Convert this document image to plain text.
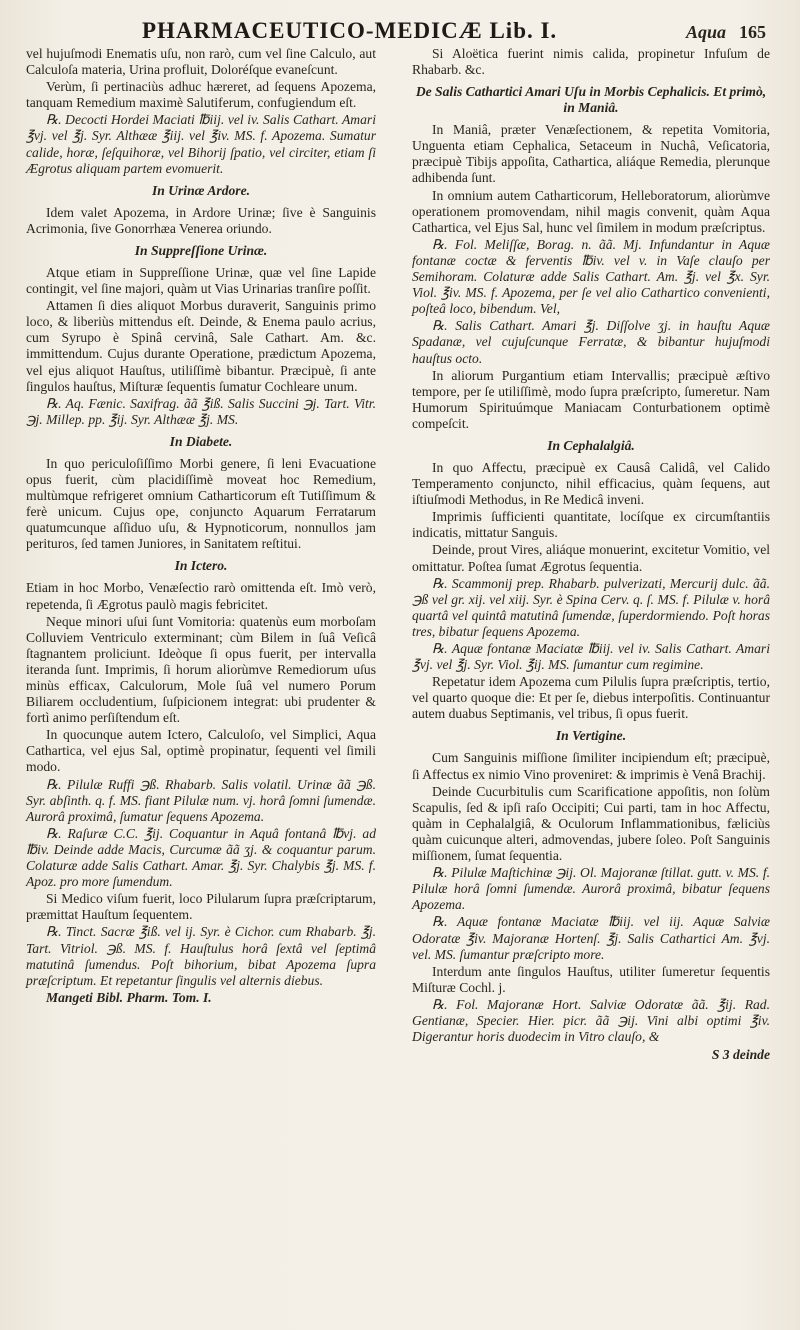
PHARMACEUTICO-MEDICÆ Lib. I.	Aqua 165

vel hujuſmodi Enematis uſu, non rarò, cum vel ſine Calculo, aut Calculoſa materia, Urina profluit, Doloréſque evaneſcunt.

Verùm, ſi pertinaciùs adhuc hæreret, ad ſequens Apozema, tanquam Remedium maximè Salutiferum, confugiendum eſt.

℞. Decocti Hordei Maciati ℔iij. vel iv. Salis Cathart. Amari ℥vj. vel ℥j. Syr. Althææ ℥iij. vel ℥iv. MS. f. Apozema. Sumatur calide, horæ, ſeſquihoræ, vel Bihorij ſpatio, vel circiter, etiam ſi Ægrotus aliquam partem evomuerit.

In Urinæ Ardore.

Idem valet Apozema, in Ardore Urinæ; ſive è Sanguinis Acrimonia, ſive Gonorrhæa Venerea oriundo.

In Suppreſſione Urinæ.

Atque etiam in Suppreſſione Urinæ, quæ vel ſine Lapide contingit, vel ſine majori, quàm ut Vias Urinarias tranſire poſſit.

Attamen ſi dies aliquot Morbus duraverit, Sanguinis primo loco, & liberiùs mittendus eſt. Deinde, & Enema paulo acrius, cum Syrupo è Spinâ cervinâ, Sale Cathart. Am. &c. immittendum. Cujus durante Operatione, prædictum Apozema, vel ejus aliquot Hauſtus, utiliſſimè bibantur. Præcipuè, ſi ante ſingulos hauſtus, Miſturæ ſequentis ſumatur Cochleare unum.

℞. Aq. Fænic. Saxifrag. ãã ℥iß. Salis Succini ℈j. Tart. Vitr. ℈j. Millep. pp. ℥ij. Syr. Althææ ℥j. MS.

In Diabete.

In quo periculoſiſſimo Morbi genere, ſi leni Evacuatione opus fuerit, cùm placidiſſimè moveat hoc Remedium, multùmque refrigeret omnium Catharticorum eſt Tutiſſimum & ferè unicum. Cujus ope, conjuncto Aquarum Ferratarum quatumcunque aſſiduo uſu, & Hypnoticorum, nonnullos jam perituros, ſed tamen Juniores, in Sanitatem reſtitui.

In Ictero.

Etiam in hoc Morbo, Venæſectio rarò omittenda eſt. Imò verò, repetenda, ſi Ægrotus paulò magis febricitet.

Neque minori uſui ſunt Vomitoria: quatenùs eum morboſam Colluviem Ventriculo exterminant; cùm Bilem in ſuâ Veſicâ ſtagnantem proliciunt. Ideòque ſi opus fuerit, per intervalla iteranda ſunt. Imprimis, ſi horum aliorùmve Remediorum uſus minùs efficax, Calculorum, Mole ſuâ vel numero Porum Biliarem occludentium, ſuſpicionem integrat: ubi prudenter & fortì animo perſiſtendum eſt.

In quocunque autem Ictero, Calculoſo, vel Simplici, Aqua Cathartica, vel ejus Sal, optimè propinatur, ſequenti vel ſimili modo.

℞. Pilulæ Ruffi ℈ß. Rhabarb. Salis volatil. Urinæ ãã ℈ß. Syr. abſinth. q. f. MS. fiant Pilulæ num. vj. horâ ſomni ſumendæ. Aurorâ proximâ, ſumatur ſequens Apozema.

℞. Raſuræ C.C. ℥ij. Coquantur in Aquâ fontanâ ℔vj. ad ℔iv. Deinde adde Macis, Curcumæ ãã ʒj. & coquantur parum. Colaturæ adde Salis Cathart. Amar. ℥j. Syr. Chalybis ℥j. MS. f. Apoz. pro more ſumendum.

Si Medico viſum fuerit, loco Pilularum ſupra præſcriptarum, præmittat Hauſtum ſequentem.

℞. Tinct. Sacræ ℥iß. vel ij. Syr. è Cichor. cum Rhabarb. ℥j. Tart. Vitriol. ℈ß. MS. f. Hauſtulus horâ ſextâ vel ſeptimâ matutinâ ſumendus. Poſt bihorium, bibat Apozema ſupra præſcriptum. Et repetantur ſingulis vel alternis diebus.

Mangeti Bibl. Pharm. Tom. I.

Si Aloëtica fuerint nimis calida, propinetur Infuſum de Rhabarb. &c.

De Salis Cathartici Amari Uſu in Morbis Cephalicis. Et primò, in Maniâ.

In Maniâ, præter Venæſectionem, & repetita Vomitoria, Unguenta etiam Cephalica, Setaceum in Nuchâ, Veſicatoria, præcipuè Tibijs appoſita, Cathartica, aliáque Remedia, plerunque adhibenda ſunt.

In omnium autem Catharticorum, Helleboratorum, aliorùmve operationem promovendam, nihil magis convenit, quàm Aqua Cathartica, vel Ejus Sal, hunc vel ſimilem in modum præſcriptus.

℞. Fol. Meliſſæ, Borag. n. ãã. Mj. Infundantur in Aquæ fontanæ coctæ & ferventis ℔iv. vel v. in Vaſe clauſo per Semihoram. Colaturæ adde Salis Cathart. Am. ℥j. vel ℥x. Syr. Viol. ℥iv. MS. f. Apozema, per ſe vel alio Cathartico convenienti, poſteâ loco, bibendum. Vel,

℞. Salis Cathart. Amari ℥j. Diſſolve ʒj. in hauſtu Aquæ Spadanæ, vel cujuſcunque Ferratæ, & bibantur hujuſmodi hauſtus octo.

In aliorum Purgantium etiam Intervallis; præcipuè æſtivo tempore, per ſe utiliſſimè, modo ſupra præſcripto, ſumeretur. Nam Humorum Spirituúmque Maniacam Conturbationem optimè compeſcit.

In Cephalalgiâ.

In quo Affectu, præcipuè ex Causâ Calidâ, vel Calido Temperamento conjuncto, nihil efficacius, quàm ſequens, aut iſtiuſmodi Methodus, in Re Medicâ inveni.

Imprimis ſufficienti quantitate, locíſque ex circumſtantiis indicatis, mittatur Sanguis.

Deinde, prout Vires, aliáque monuerint, excitetur Vomitio, vel omittatur. Poſtea ſumat Ægrotus ſequentia.

℞. Scammonij prep. Rhabarb. pulverizati, Mercurij dulc. ãã. ℈ß vel gr. xij. vel xiij. Syr. è Spina Cerv. q. ſ. MS. f. Pilulæ v. horâ quartâ vel quintâ matutinâ ſumendæ, ſuperdormiendo. Poſt horas tres, bibatur ſequens Apozema.

℞. Aquæ fontanæ Maciatæ ℔iij. vel iv. Salis Cathart. Amari ℥vj. vel ℥j. Syr. Viol. ℥ij. MS. ſumantur cum regimine.

Repetatur idem Apozema cum Pilulis ſupra præſcriptis, tertio, vel quarto quoque die: Et per ſe, diebus interpoſitis. Continuantur autem duabus Septimanis, vel tribus, ſi opus fuerit.

In Vertigine.

Cum Sanguinis miſſione ſimiliter incipiendum eſt; præcipuè, ſi Affectus ex nimio Vino proveniret: & imprimis è Venâ Brachij.

Deinde Cucurbitulis cum Scarificatione appoſitis, non ſolùm Scapulis, ſed & ipſi raſo Occipiti; Cui parti, tam in hoc Affectu, quàm in Cephalalgiâ, & Oculorum Inflammationibus, fæliciùs quàm cuicunque alteri, admovendas, jubere ſoleo. Poſt Sanguinis miſſionem, ſumat ſequentia.

℞. Pilulæ Maſtichinæ ℈ij. Ol. Majoranæ ſtillat. gutt. v. MS. f. Pilulæ horâ ſomni ſumendæ. Aurorâ proximâ, bibatur ſequens Apozema.

℞. Aquæ fontanæ Maciatæ ℔iij. vel iij. Aquæ Salviæ Odoratæ ℥iv. Majoranæ Hortenſ. ℥j. Salis Cathartici Am. ℥vj. vel. MS. ſumantur præſcripto more.

Interdum ante ſingulos Hauſtus, utiliter ſumeretur ſequentis Miſturæ Cochl. j.

℞. Fol. Majoranæ Hort. Salviæ Odoratæ ãã. ℥ij. Rad. Gentianæ, Specier. Hier. picr. ãã ℈ij. Vini albi optimi ℥iv. Digerantur horis duodecim in Vitro clauſo, &

S 3 deinde
